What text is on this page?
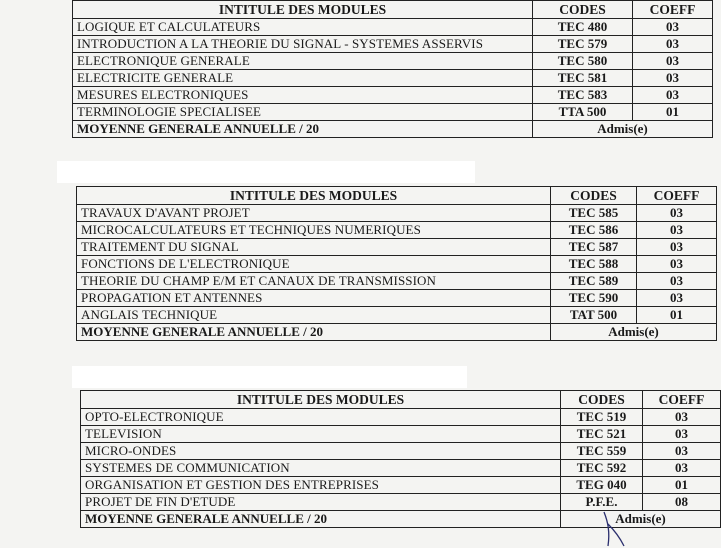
INTITULE DES MODULES	CODES	COEFF
LOGIQUE ET CALCULATEURS	TEC 480	03
INTRODUCTION A LA THEORIE DU SIGNAL - SYSTEMES ASSERVIS	TEC 579	03
ELECTRONIQUE GENERALE	TEC 580	03
ELECTRICITE GENERALE	TEC 581	03
MESURES ELECTRONIQUES	TEC 583	03
TERMINOLOGIE SPECIALISEE	TTA 500	01
MOYENNE GENERALE ANNUELLE / 20	Admis(e)	
INTITULE DES MODULES	CODES	COEFF
TRAVAUX D'AVANT PROJET	TEC 585	03
MICROCALCULATEURS ET TECHNIQUES NUMERIQUES	TEC 586	03
TRAITEMENT DU SIGNAL	TEC 587	03
FONCTIONS DE L'ELECTRONIQUE	TEC 588	03
THEORIE DU CHAMP E/M ET CANAUX DE TRANSMISSION	TEC 589	03
PROPAGATION ET ANTENNES	TEC 590	03
ANGLAIS TECHNIQUE	TAT 500	01
MOYENNE GENERALE ANNUELLE / 20	Admis(e)	
INTITULE DES MODULES	CODES	COEFF
OPTO-ELECTRONIQUE	TEC 519	03
TELEVISION	TEC 521	03
MICRO-ONDES	TEC 559	03
SYSTEMES DE COMMUNICATION	TEC 592	03
ORGANISATION ET GESTION DES ENTREPRISES	TEG 040	01
PROJET DE FIN D'ETUDE	P.F.E.	08
MOYENNE GENERALE ANNUELLE / 20	Admis(e)	
